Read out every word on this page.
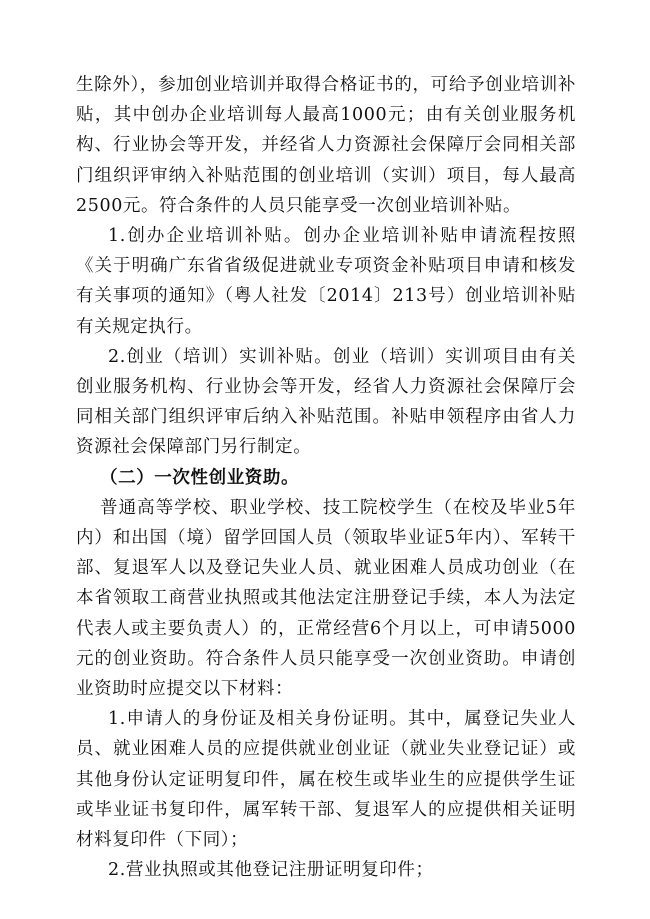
生除外），参加创业培训并取得合格证书的，可给予创业培训补贴，其中创办企业培训每人最高1000元；由有关创业服务机构、行业协会等开发，并经省人力资源社会保障厅会同相关部门组织评审纳入补贴范围的创业培训（实训）项目，每人最高2500元。符合条件的人员只能享受一次创业培训补贴。

1.创办企业培训补贴。创办企业培训补贴申请流程按照《关于明确广东省省级促进就业专项资金补贴项目申请和核发有关事项的通知》（粤人社发〔2014〕213号）创业培训补贴有关规定执行。

2.创业（培训）实训补贴。创业（培训）实训项目由有关创业服务机构、行业协会等开发，经省人力资源社会保障厅会同相关部门组织评审后纳入补贴范围。补贴申领程序由省人力资源社会保障部门另行制定。

（二）一次性创业资助。

普通高等学校、职业学校、技工院校学生（在校及毕业5年内）和出国（境）留学回国人员（领取毕业证5年内）、军转干部、复退军人以及登记失业人员、就业困难人员成功创业（在本省领取工商营业执照或其他法定注册登记手续，本人为法定代表人或主要负责人）的，正常经营6个月以上，可申请5000元的创业资助。符合条件人员只能享受一次创业资助。申请创业资助时应提交以下材料：

1.申请人的身份证及相关身份证明。其中，属登记失业人员、就业困难人员的应提供就业创业证（就业失业登记证）或其他身份认定证明复印件，属在校生或毕业生的应提供学生证或毕业证书复印件，属军转干部、复退军人的应提供相关证明材料复印件（下同）；

2.营业执照或其他登记注册证明复印件；
